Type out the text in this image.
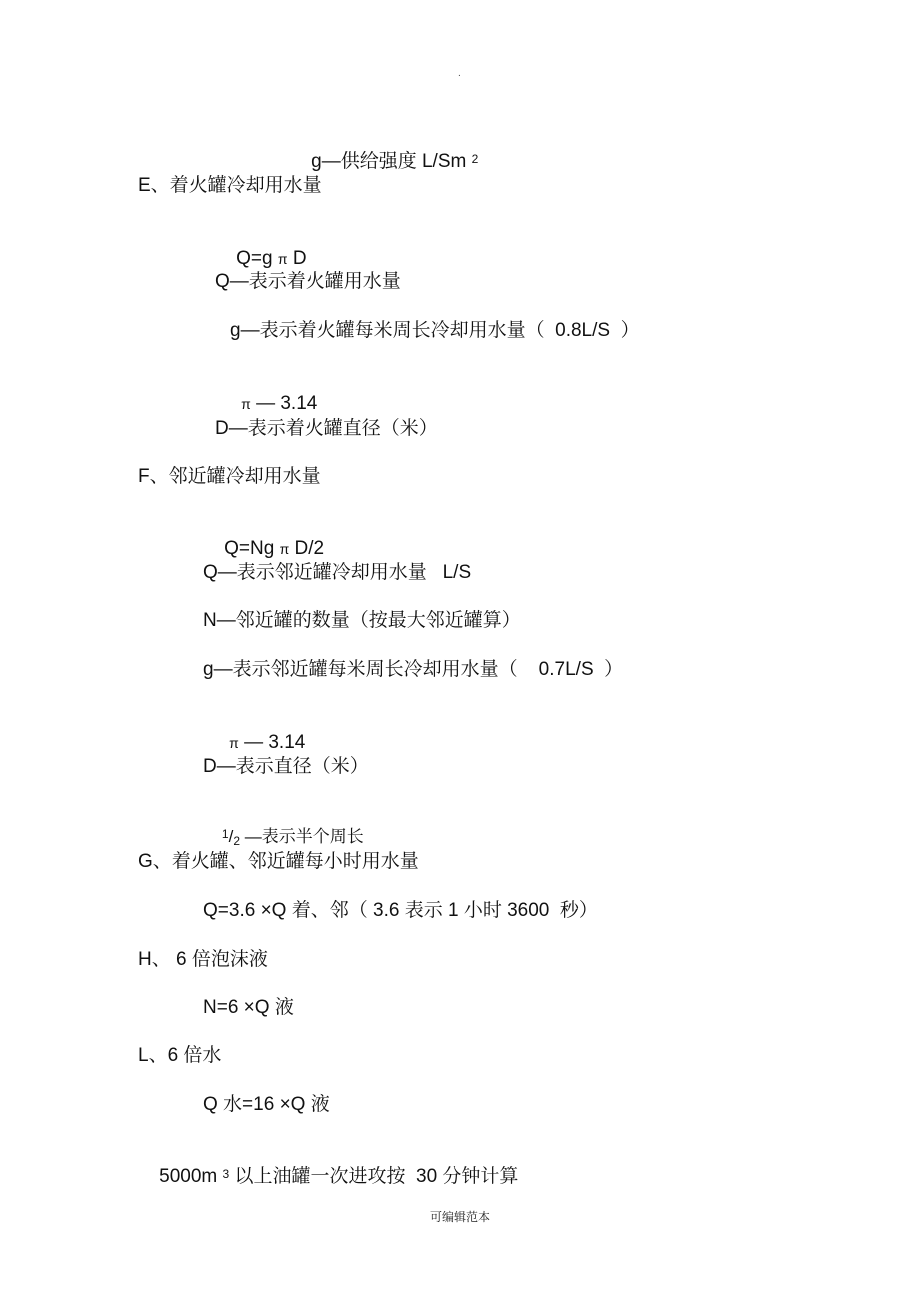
.

g—供给强度 L/Sm $^2$

E、着火罐冷却用水量

Q=g π D

Q—表示着火罐用水量
g—表示着火罐每米周长冷却用水量（  0.8L/S  ）

π — 3.14

D—表示着火罐直径（米）
F、邻近罐冷却用水量

Q=Ng π D/2

Q—表示邻近罐冷却用水量   L/S
N—邻近罐的数量（按最大邻近罐算）
g—表示邻近罐每米周长冷却用水量（    0.7L/S  ）

π — 3.14

D—表示直径（米）

$^1/_2$ —表示半个周长

G、着火罐、邻近罐每小时用水量
Q=3.6 ×Q 着、邻（ 3.6 表示 1 小时 3600  秒）
H、 6 倍泡沫液
N=6 ×Q 液
L、6 倍水
Q 水=16 ×Q 液

5000m $^3$ 以上油罐一次进攻按  30 分钟计算

可编辑范本
